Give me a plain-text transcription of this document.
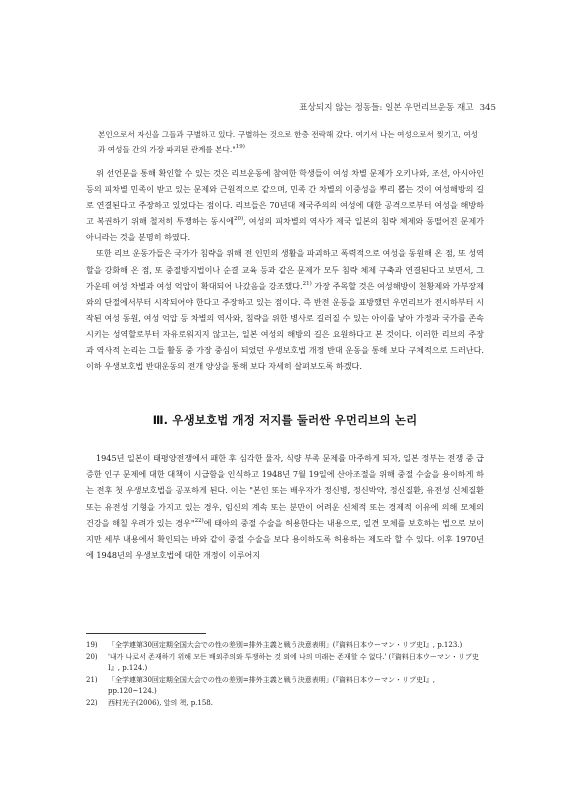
표상되지 않는 정동들: 일본 우먼리브운동 재고 345

본인으로서 자신을 그들과 구별하고 있다. 구별하는 것으로 한층 전락해 갔다. 여기서 나는 여성으로서 찢기고, 여성과 여성들 간의 가장 파괴된 관계를 본다."$^{19)}$

위 선언문을 통해 확인할 수 있는 것은 리브운동에 참여한 학생들이 여성 차별 문제가 오키나와, 조선, 아시아인 등의 피차별 민족이 받고 있는 문제와 근원적으로 같으며, 민족 간 차별의 이중성을 뿌리 뽑는 것이 여성해방의 길로 연결된다고 주장하고 있었다는 점이다. 리브들은 70년대 제국주의의 여성에 대한 공격으로부터 여성을 해방하고 복권하기 위해 철저히 투쟁하는 동시에$^{20)}$, 여성의 피차별의 역사가 제국 일본의 침략 체제와 동떨어진 문제가 아니라는 것을 분명히 하였다.

또한 리브 운동가들은 국가가 침략을 위해 전 인민의 생활을 파괴하고 폭력적으로 여성을 동원해 온 점, 또 성역할을 강화해 온 점, 또 중절방지법이나 순결 교육 등과 같은 문제가 모두 침략 체제 구축과 연결된다고 보면서, 그 가운데 여성 차별과 여성 억압이 확대되어 나갔음을 강조했다.$^{21)}$ 가장 주목할 것은 여성해방이 천황제와 가부장제와의 단절에서부터 시작되어야 한다고 주장하고 있는 점이다. 즉 반전 운동을 표방했던 우먼리브가 전시하부터 시작된 여성 동원, 여성 억압 등 차별의 역사와, 침략을 위한 병사로 길러질 수 있는 아이를 낳아 가정과 국가를 존속시키는 성역할로부터 자유로워지지 않고는, 일본 여성의 해방의 길은 요원하다고 본 것이다. 이러한 리브의 주장과 역사적 논리는 그들 활동 중 가장 중심이 되었던 우생보호법 개정 반대 운동을 통해 보다 구체적으로 드러난다. 이하 우생보호법 반대운동의 전개 양상을 통해 보다 자세히 살펴보도록 하겠다.

Ⅲ. 우생보호법 개정 저지를 둘러싼 우먼리브의 논리

1945년 일본이 태평양전쟁에서 패한 후 심각한 물자, 식량 부족 문제를 마주하게 되자, 일본 정부는 전쟁 중 급증한 인구 문제에 대한 대책이 시급함을 인식하고 1948년 7월 19일에 산아조절을 위해 중절 수술을 용이하게 하는 전후 첫 우생보호법을 공포하게 된다. 이는 "본인 또는 배우자가 정신병, 정신박약, 정신질환, 유전성 신체질환 또는 유전성 기형을 가지고 있는 경우, 임신의 계속 또는 분만이 어려운 신체적 또는 경제적 이유에 의해 모체의 건강을 해칠 우려가 있는 경우"$^{22)}$에 태아의 중절 수술을 허용한다는 내용으로, 일견 모체를 보호하는 법으로 보이지만 세부 내용에서 확인되는 바와 같이 중절 수술을 보다 용이하도록 허용하는 제도라 할 수 있다. 이후 1970년에 1948년의 우생보호법에 대한 개정이 이루어지

19)	「全学連第30回定期全国大会での性の差別=排外主義と戦う決意表明」(『資料日本ウーマン・リブ史Ⅰ』, p.123.)
20)	'내가 나로서 존재하기 위해 모든 배외주의와 투쟁하는 것 외에 나의 미래는 존재할 수 없다.' (『資料日本ウーマン・リブ史Ⅰ』, p.124.)
21)	「全学連第30回定期全国大会での性の差別=排外主義と戦う決意表明」(『資料日本ウーマン・リブ史Ⅰ』, pp.120~124.)
22)	西村光子(2006), 앞의 책, p.158.
